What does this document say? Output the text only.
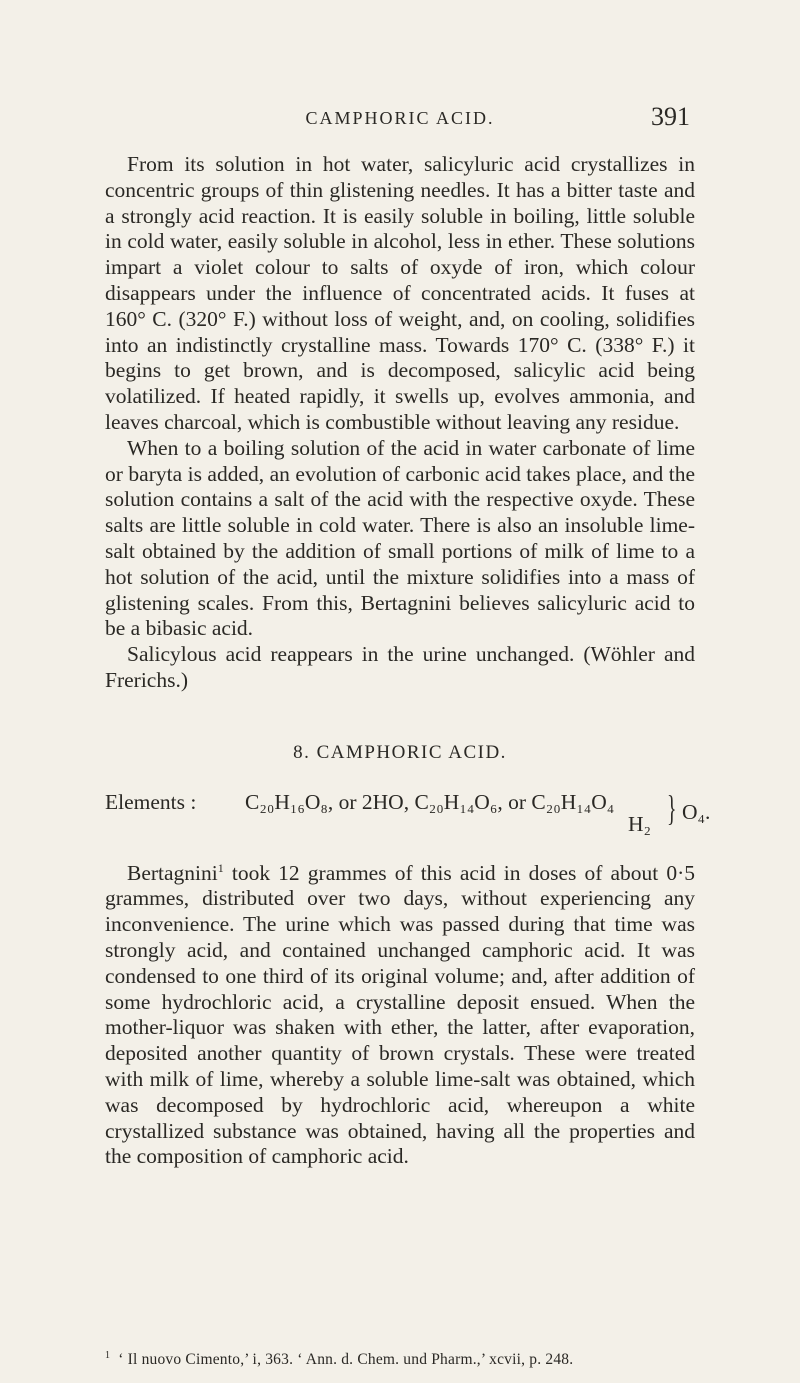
CAMPHORIC ACID.	391

From its solution in hot water, salicyluric acid crystallizes in concentric groups of thin glistening needles. It has a bitter taste and a strongly acid reaction. It is easily soluble in boiling, little soluble in cold water, easily soluble in alcohol, less in ether. These solutions impart a violet colour to salts of oxyde of iron, which colour disappears under the influence of concentrated acids. It fuses at 160° C. (320° F.) without loss of weight, and, on cooling, solidifies into an indistinctly crystalline mass. Towards 170° C. (338° F.) it begins to get brown, and is decomposed, salicylic acid being volatilized. If heated rapidly, it swells up, evolves ammonia, and leaves charcoal, which is combustible without leaving any residue.

When to a boiling solution of the acid in water carbonate of lime or baryta is added, an evolution of carbonic acid takes place, and the solution contains a salt of the acid with the respective oxyde. These salts are little soluble in cold water. There is also an insoluble lime-salt obtained by the addition of small portions of milk of lime to a hot solution of the acid, until the mixture solidifies into a mass of glistening scales. From this, Bertagnini believes salicyluric acid to be a bibasic acid.

Salicylous acid reappears in the urine unchanged. (Wöhler and Frerichs.)

8. CAMPHORIC ACID.

Elements : C₂₀H₁₆O₈, or 2HO, C₂₀H₁₄O₆, or C₂₀H₁₄O₄
H₂ } O₄.

Bertagnini$^1$ took 12 grammes of this acid in doses of about 0·5 grammes, distributed over two days, without experiencing any inconvenience. The urine which was passed during that time was strongly acid, and contained unchanged camphoric acid. It was condensed to one third of its original volume; and, after addition of some hydrochloric acid, a crystalline deposit ensued. When the mother-liquor was shaken with ether, the latter, after evaporation, deposited another quantity of brown crystals. These were treated with milk of lime, whereby a soluble lime-salt was obtained, which was decomposed by hydrochloric acid, whereupon a white crystallized substance was obtained, having all the properties and the composition of camphoric acid.

$^1$ ‘ Il nuovo Cimento,’ i, 363. ‘ Ann. d. Chem. und Pharm.,’ xcvii, p. 248.
